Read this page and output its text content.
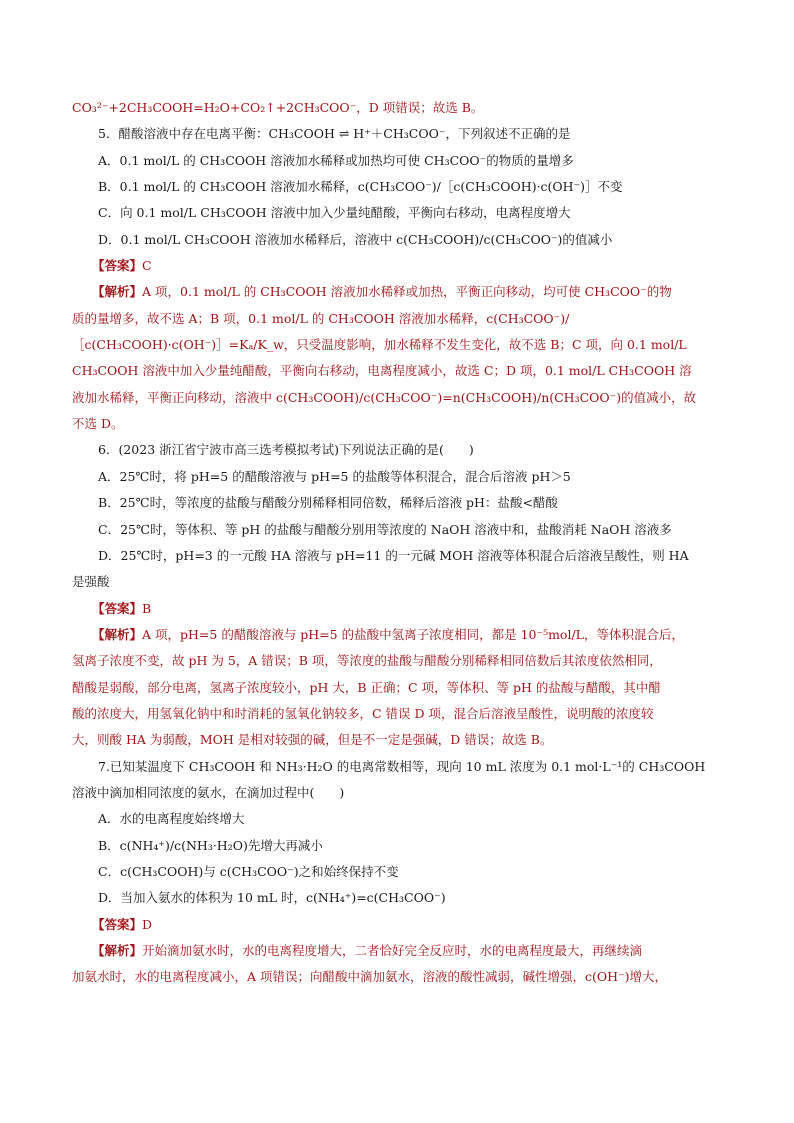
CO₃²⁻+2CH₃COOH=H₂O+CO₂↑+2CH₃COO⁻，D 项错误；故选 B。
5．醋酸溶液中存在电离平衡：CH₃COOH ⇌ H⁺＋CH₃COO⁻，下列叙述不正确的是
A．0.1 mol/L 的 CH₃COOH 溶液加水稀释或加热均可使 CH₃COO⁻的物质的量增多
B．0.1 mol/L 的 CH₃COOH 溶液加水稀释，c(CH₃COO⁻)/［c(CH₃COOH)·c(OH⁻)］不变
C．向 0.1 mol/L CH₃COOH 溶液中加入少量纯醋酸，平衡向右移动，电离程度增大
D．0.1 mol/L CH₃COOH 溶液加水稀释后，溶液中 c(CH₃COOH)/c(CH₃COO⁻)的值减小
【答案】C
【解析】A 项，0.1 mol/L 的 CH₃COOH 溶液加水稀释或加热，平衡正向移动，均可使 CH₃COO⁻的物
质的量增多，故不选 A；B 项，0.1 mol/L 的 CH₃COOH 溶液加水稀释，c(CH₃COO⁻)/
［c(CH₃COOH)·c(OH⁻)］=Kₐ/K_w，只受温度影响，加水稀释不发生变化，故不选 B；C 项，向 0.1 mol/L
CH₃COOH 溶液中加入少量纯醋酸，平衡向右移动，电离程度减小，故选 C；D 项，0.1 mol/L CH₃COOH 溶
液加水稀释，平衡正向移动，溶液中 c(CH₃COOH)/c(CH₃COO⁻)=n(CH₃COOH)/n(CH₃COO⁻)的值减小，故
不选 D。
6．(2023 浙江省宁波市高三选考模拟考试)下列说法正确的是(　　)
A．25℃时，将 pH=5 的醋酸溶液与 pH=5 的盐酸等体积混合，混合后溶液 pH＞5
B．25℃时，等浓度的盐酸与醋酸分别稀释相同倍数，稀释后溶液 pH：盐酸<醋酸
C．25℃时，等体积、等 pH 的盐酸与醋酸分别用等浓度的 NaOH 溶液中和，盐酸消耗 NaOH 溶液多
D．25℃时，pH=3 的一元酸 HA 溶液与 pH=11 的一元碱 MOH 溶液等体积混合后溶液呈酸性，则 HA
是强酸
【答案】B
【解析】A 项，pH=5 的醋酸溶液与 pH=5 的盐酸中氢离子浓度相同，都是 10⁻⁵mol/L，等体积混合后，
氢离子浓度不变，故 pH 为 5，A 错误；B 项，等浓度的盐酸与醋酸分别稀释相同倍数后其浓度依然相同，
醋酸是弱酸，部分电离，氢离子浓度较小，pH 大，B 正确；C 项，等体积、等 pH 的盐酸与醋酸，其中醋
酸的浓度大，用氢氧化钠中和时消耗的氢氧化钠较多，C 错误 D 项，混合后溶液呈酸性，说明酸的浓度较
大，则酸 HA 为弱酸，MOH 是相对较强的碱，但是不一定是强碱，D 错误；故选 B。
7.已知某温度下 CH₃COOH 和 NH₃·H₂O 的电离常数相等，现向 10 mL 浓度为 0.1 mol·L⁻¹的 CH₃COOH
溶液中滴加相同浓度的氨水，在滴加过程中(　　)
A．水的电离程度始终增大
B．c(NH₄⁺)/c(NH₃·H₂O)先增大再减小
C．c(CH₃COOH)与 c(CH₃COO⁻)之和始终保持不变
D．当加入氨水的体积为 10 mL 时，c(NH₄⁺)=c(CH₃COO⁻)
【答案】D
【解析】开始滴加氨水时，水的电离程度增大，二者恰好完全反应时，水的电离程度最大，再继续滴
加氨水时，水的电离程度减小，A 项错误；向醋酸中滴加氨水，溶液的酸性减弱，碱性增强，c(OH⁻)增大，
